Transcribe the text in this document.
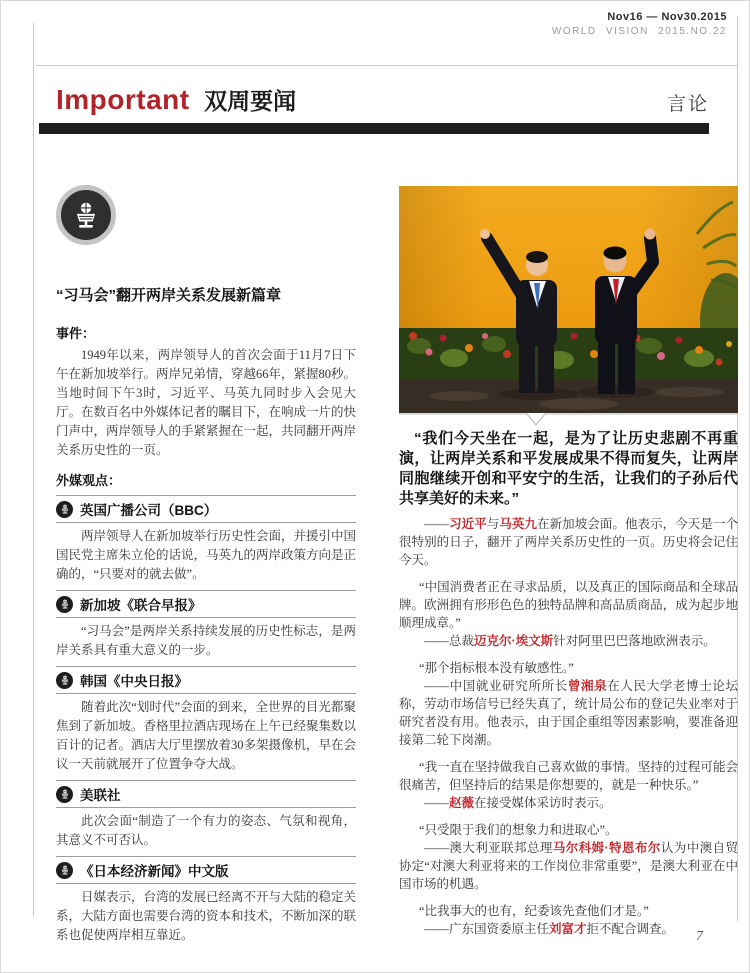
Nov16 — Nov30.2015
WORLD VISION 2015.NO.22
Important 双周要闻	言论
“习马会”翻开两岸关系发展新篇章
事件：

1949年以来，两岸领导人的首次会面于11月7日下午在新加坡举行。两岸兄弟情，穿越66年，紧握80秒。当地时间下午3时，习近平、马英九同时步入会见大厅。在数百名中外媒体记者的瞩目下，在响成一片的快门声中，两岸领导人的手紧紧握在一起，共同翻开两岸关系历史性的一页。

外媒观点：
英国广播公司（BBC）

两岸领导人在新加坡举行历史性会面，并援引中国国民党主席朱立伦的话说，马英九的两岸政策方向是正确的，“只要对的就去做”。

新加坡《联合早报》

“习马会”是两岸关系持续发展的历史性标志，是两岸关系具有重大意义的一步。

韩国《中央日报》

随着此次“划时代”会面的到来，全世界的目光都聚焦到了新加坡。香格里拉酒店现场在上午已经聚集数以百计的记者。酒店大厅里摆放着30多架摄像机，早在会议一天前就展开了位置争夺大战。

美联社

此次会面“制造了一个有力的姿态、气氛和视角，其意义不可否认。

《日本经济新闻》中文版

日媒表示，台湾的发展已经离不开与大陆的稳定关系，大陆方面也需要台湾的资本和技术，不断加深的联系也促使两岸相互靠近。

“我们今天坐在一起，是为了让历史悲剧不再重演，让两岸关系和平发展成果不得而复失，让两岸同胞继续开创和平安宁的生活，让我们的子孙后代共享美好的未来。”

——习近平与马英九在新加坡会面。他表示，今天是一个很特别的日子，翻开了两岸关系历史性的一页。历史将会记住今天。

“中国消费者正在寻求品质，以及真正的国际商品和全球品牌。欧洲拥有形形色色的独特品牌和高品质商品，成为起步地顺理成章。”

——总裁迈克尔·埃文斯针对阿里巴巴落地欧洲表示。

“那个指标根本没有敏感性。”

——中国就业研究所所长曾湘泉在人民大学老博士论坛称，劳动市场信号已经失真了，统计局公布的登记失业率对于研究者没有用。他表示，由于国企重组等因素影响，要准备迎接第二轮下岗潮。

“我一直在坚持做我自己喜欢做的事情。坚持的过程可能会很痛苦，但坚持后的结果是你想要的，就是一种快乐。”

——赵薇在接受媒体采访时表示。

“只受限于我们的想象力和进取心”。

——澳大利亚联邦总理马尔科姆·特恩布尔认为中澳自贸协定“对澳大利亚将来的工作岗位非常重要”，是澳大利亚在中国市场的机遇。

“比我事大的也有，纪委该先查他们才是。”

——广东国资委原主任刘富才拒不配合调查。	7
